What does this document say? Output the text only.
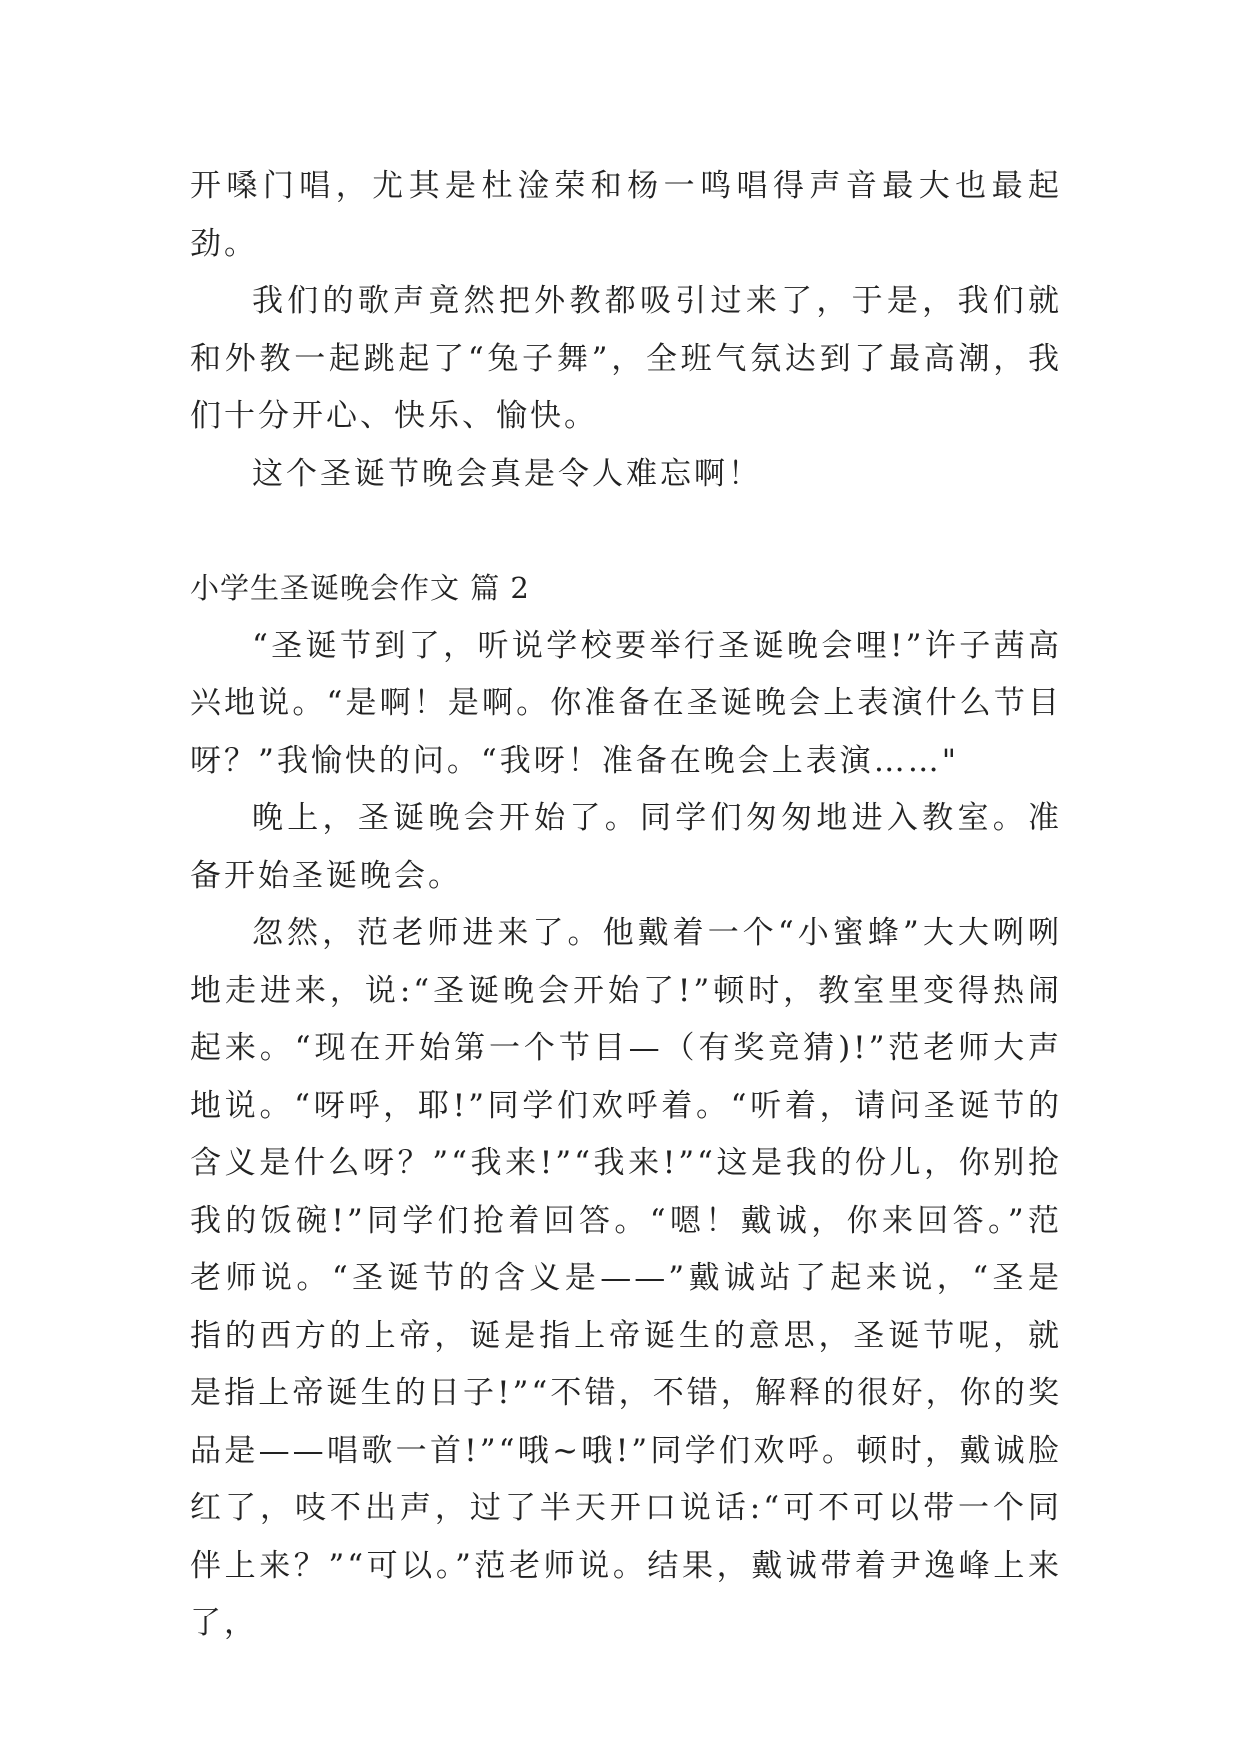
开嗓门唱，尤其是杜淦荣和杨一鸣唱得声音最大也最起劲。

我们的歌声竟然把外教都吸引过来了，于是，我们就和外教一起跳起了“兔子舞”，全班气氛达到了最高潮，我们十分开心、快乐、愉快。

这个圣诞节晚会真是令人难忘啊！

小学生圣诞晚会作文 篇 2

“圣诞节到了，听说学校要举行圣诞晚会哩!”许子茜高兴地说。“是啊！是啊。你准备在圣诞晚会上表演什么节目呀？”我愉快的问。“我呀！准备在晚会上表演……"

晚上，圣诞晚会开始了。同学们匆匆地进入教室。准备开始圣诞晚会。

忽然，范老师进来了。他戴着一个“小蜜蜂”大大咧咧地走进来，说:“圣诞晚会开始了!”顿时，教室里变得热闹起来。“现在开始第一个节目—（有奖竞猜)!”范老师大声地说。“呀呼，耶!”同学们欢呼着。“听着，请问圣诞节的含义是什么呀？”“我来!”“我来!”“这是我的份儿，你别抢我的饭碗!”同学们抢着回答。“嗯！戴诚，你来回答。”范老师说。“圣诞节的含义是——”戴诚站了起来说，“圣是指的西方的上帝，诞是指上帝诞生的意思，圣诞节呢，就是指上帝诞生的日子!”“不错，不错，解释的很好，你的奖品是——唱歌一首!”“哦~哦!”同学们欢呼。顿时，戴诚脸红了，吱不出声，过了半天开口说话:“可不可以带一个同伴上来？”“可以。”范老师说。结果，戴诚带着尹逸峰上来了，
